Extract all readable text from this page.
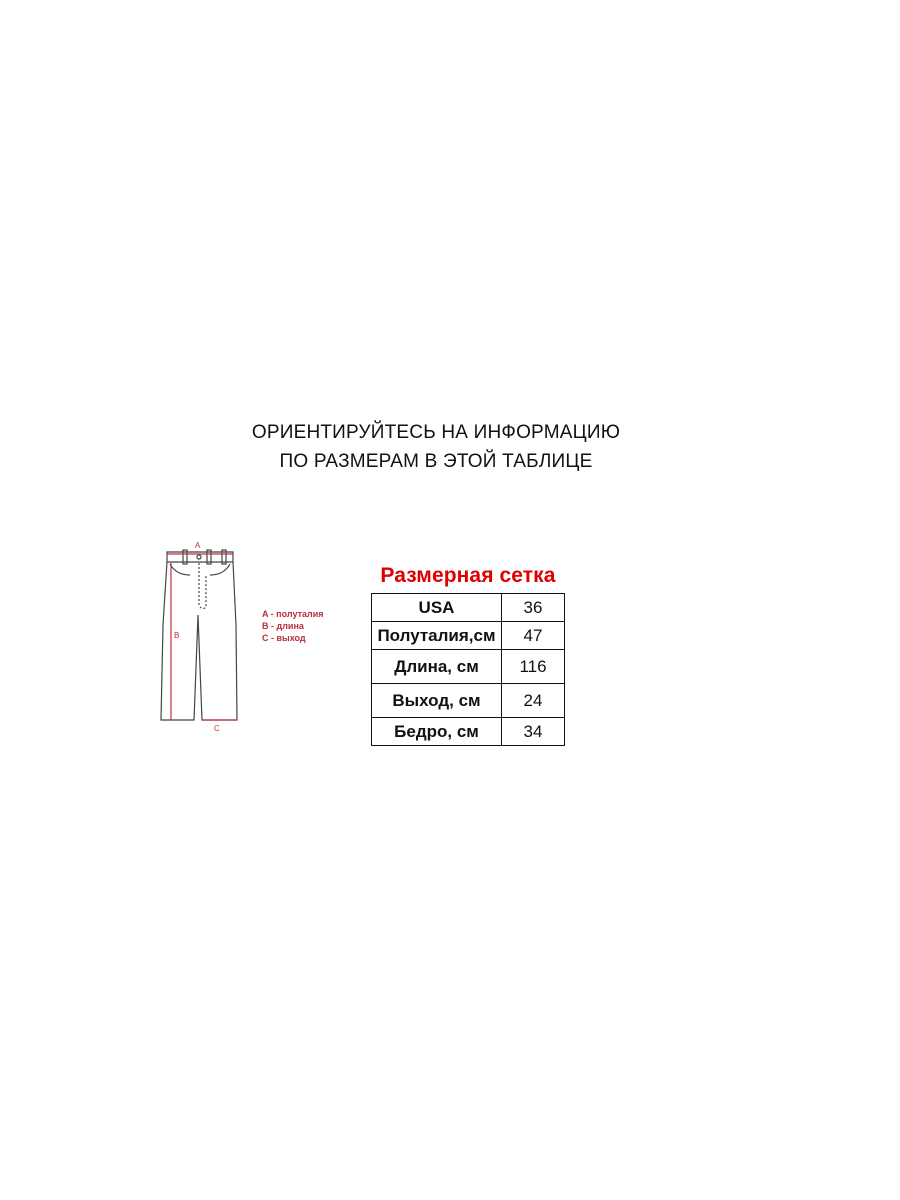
ОРИЕНТИРУЙТЕСЬ НА ИНФОРМАЦИЮ
ПО РАЗМЕРАМ В ЭТОЙ ТАБЛИЦЕ
A
B
C
A - полуталия
B - длина
C - выход
Размерная сетка
USA	36
Полуталия,см	47
Длина, см	116
Выход, см	24
Бедро, см	34
